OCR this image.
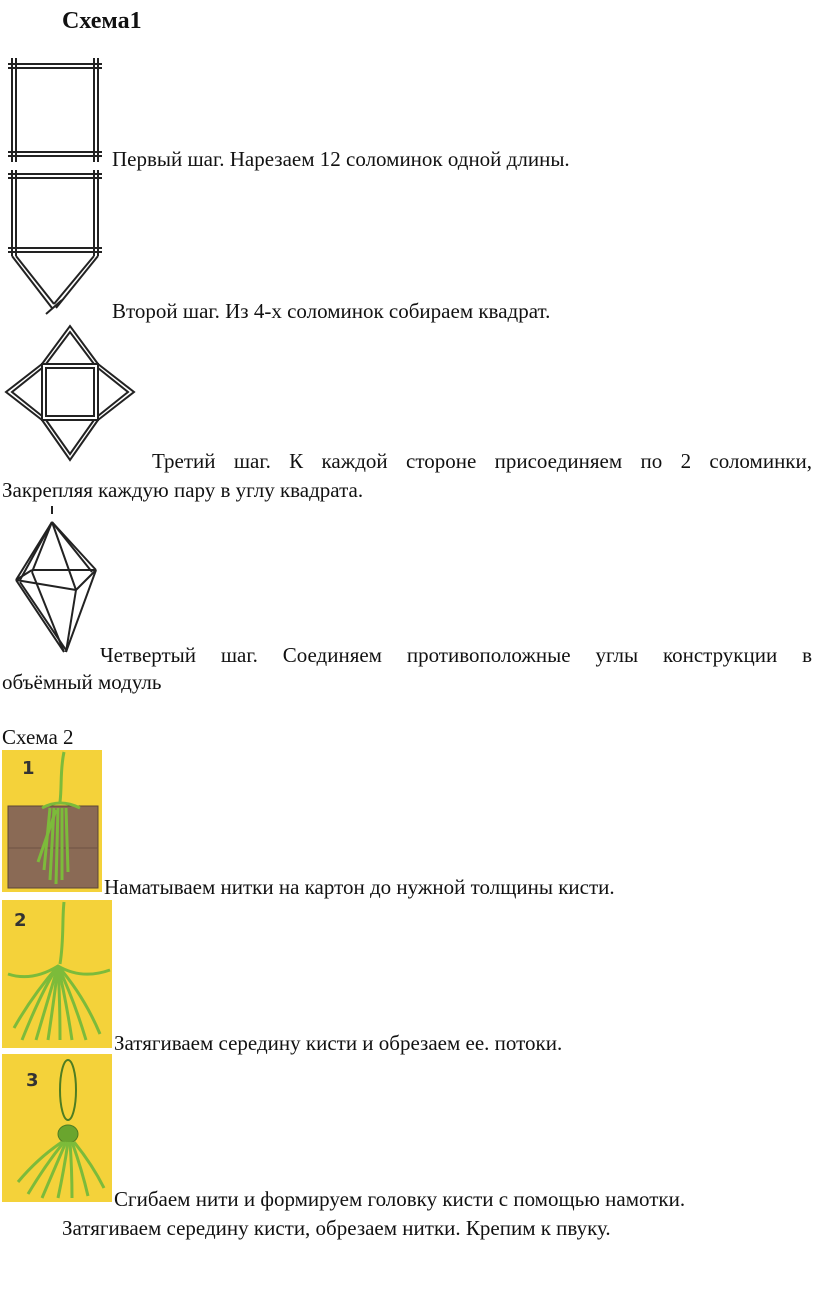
Схема1
Первый шаг. Нарезаем 12 соломинок одной длины.
Второй шаг. Из 4-х соломинок собираем квадрат.
Третий шаг. К каждой стороне присоединяем по 2 соломинки,
Закрепляя каждую пару в углу квадрата.
Четвертый шаг. Соединяем противоположные углы конструкции в
объёмный модуль
Схема 2
1
Наматываем нитки на картон до нужной толщины кисти.
2
Затягиваем середину кисти и обрезаем ее. потоки.
3
Сгибаем нити и формируем головку кисти с помощью намотки.
Затягиваем середину кисти, обрезаем нитки. Крепим к пвуку.
